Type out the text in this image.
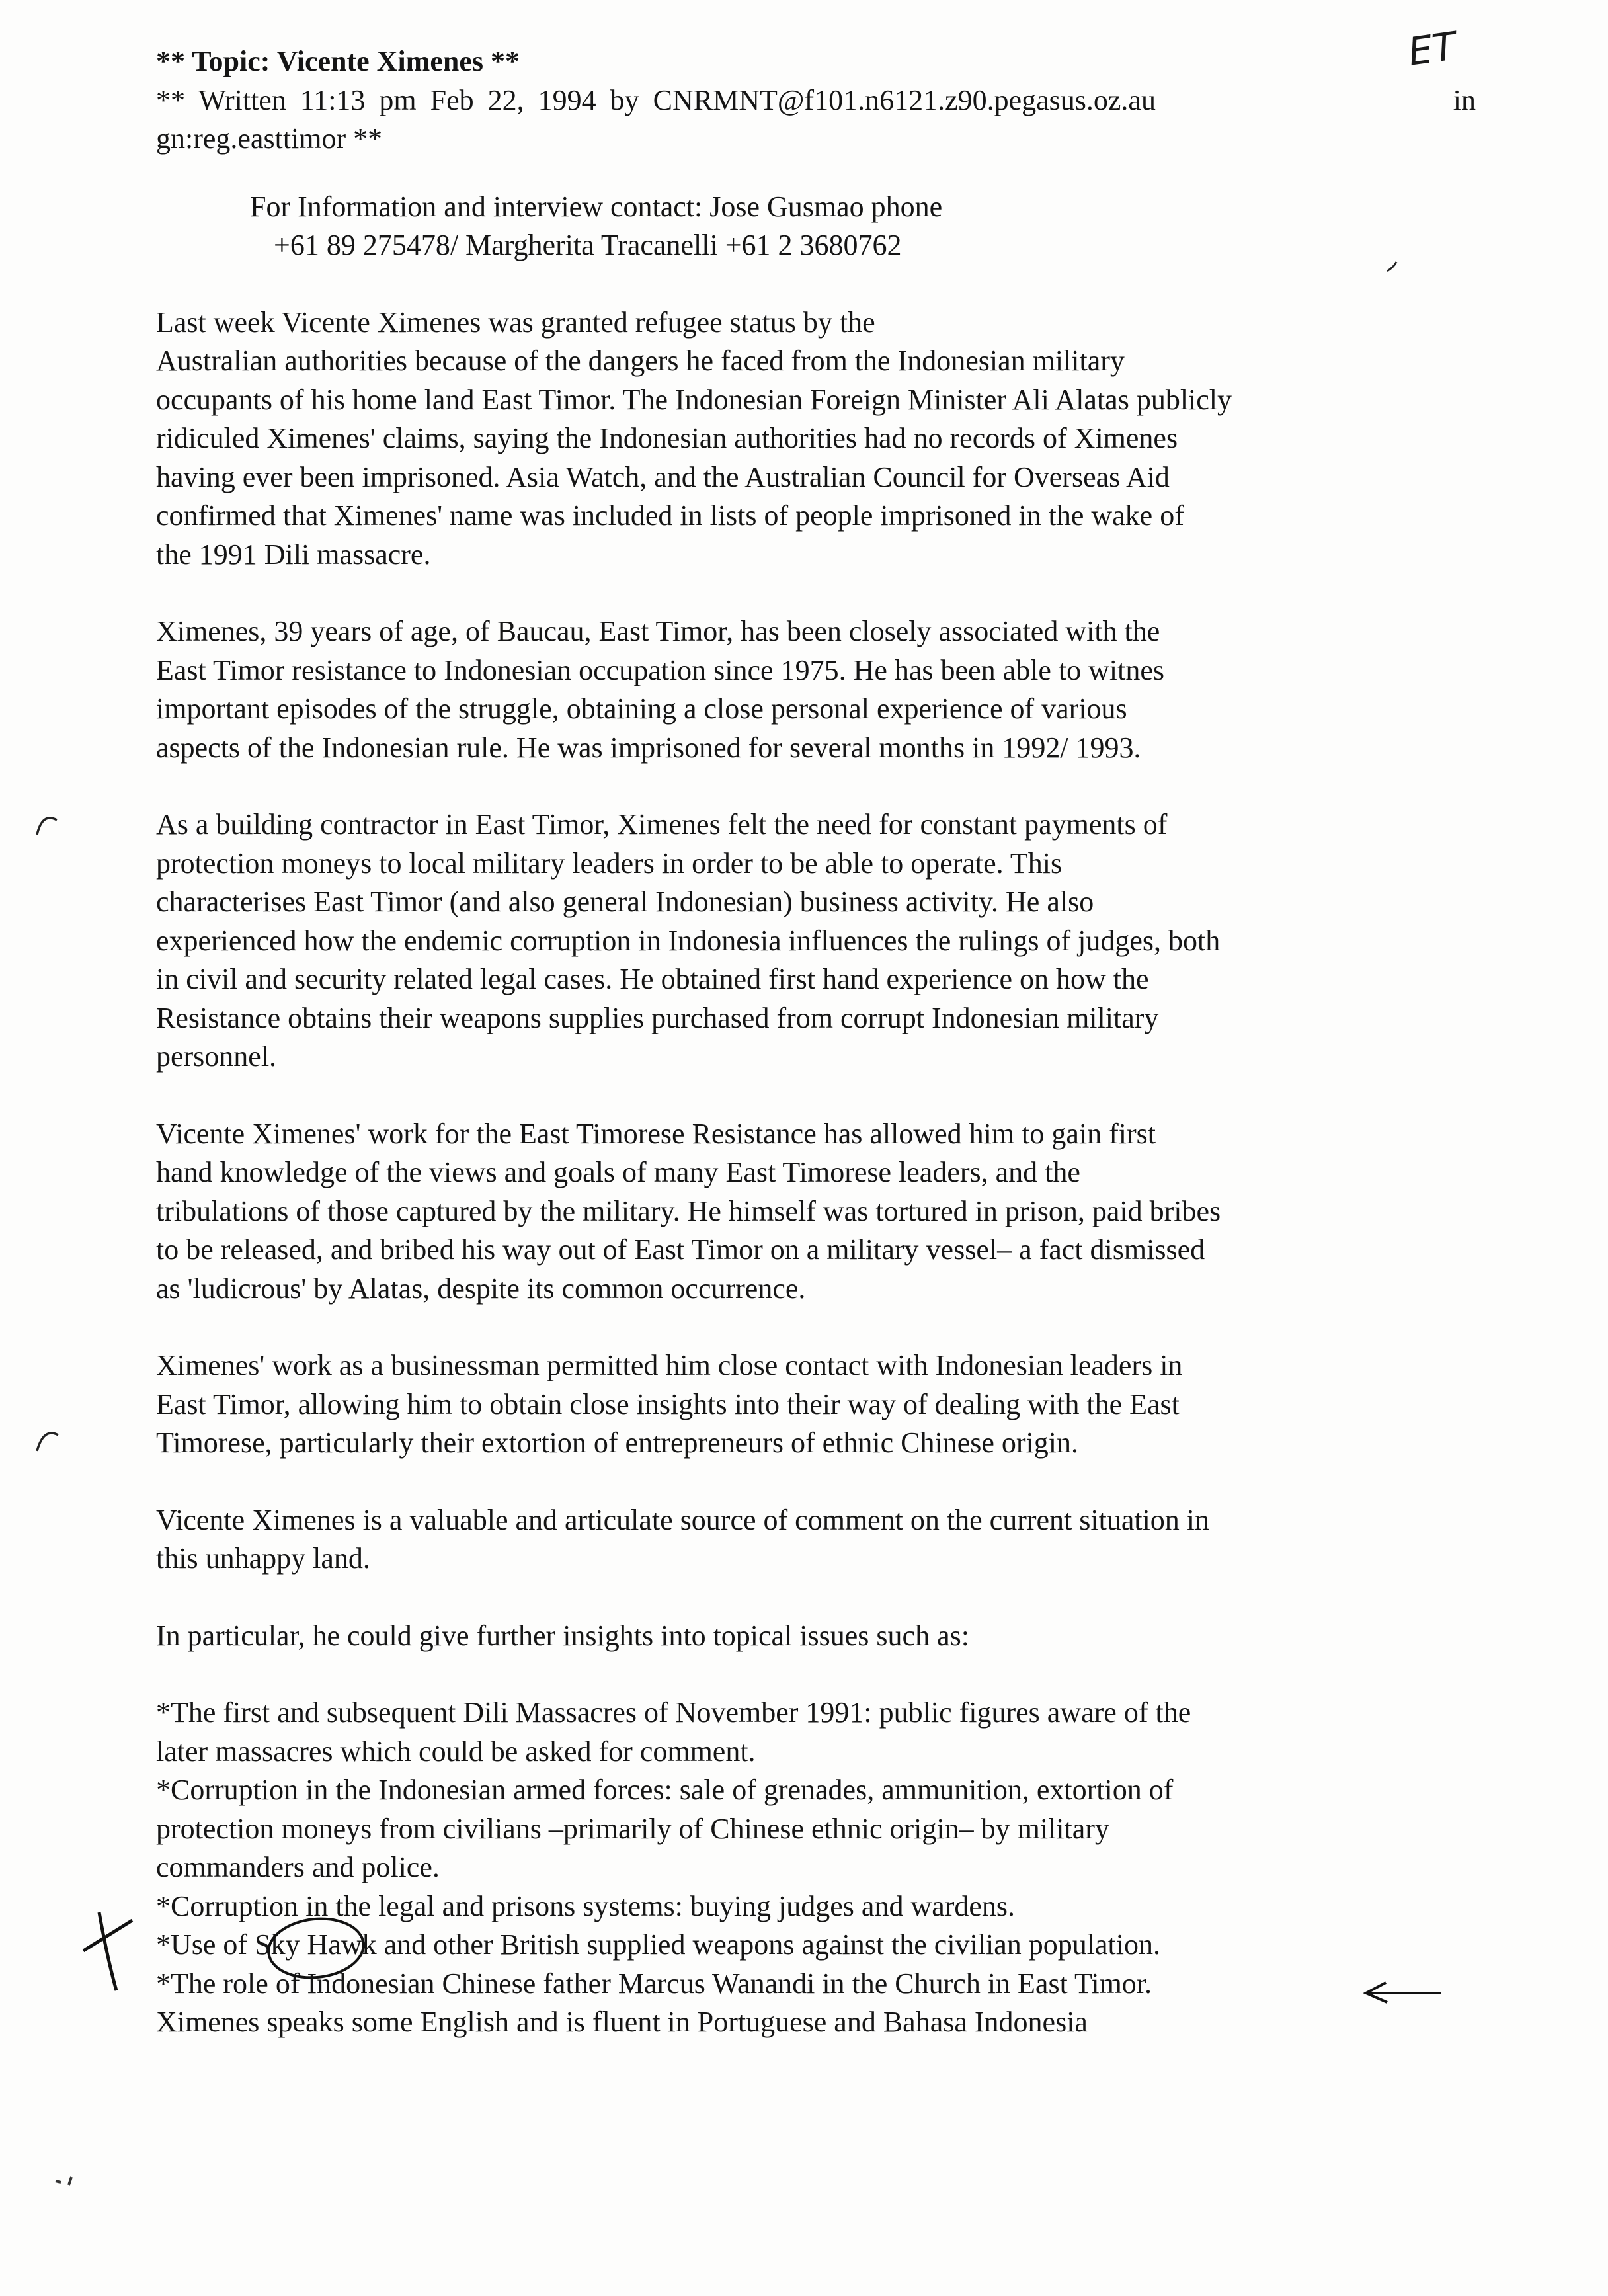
ET
** Topic: Vicente Ximenes **
** Written 11:13 pm Feb 22, 1994 by CNRMNT@f101.n6121.z90.pegasus.oz.au	in
gn:reg.easttimor **
For Information and interview contact: Jose Gusmao phone
+61 89 275478/ Margherita Tracanelli +61 2 3680762
Last week Vicente Ximenes was granted refugee status by the
Australian authorities because of the dangers he faced from the Indonesian military
occupants of his home land East Timor. The Indonesian Foreign Minister Ali Alatas publicly
ridiculed Ximenes' claims, saying the Indonesian authorities had no records of Ximenes
having ever been imprisoned. Asia Watch, and the Australian Council for Overseas Aid
confirmed that Ximenes' name was included in lists of people imprisoned in the wake of
the 1991 Dili massacre.
Ximenes, 39 years of age, of Baucau, East Timor, has been closely associated with the
East Timor resistance to Indonesian occupation since 1975. He has been able to witnes
important episodes of the struggle, obtaining a close personal experience of various
aspects of the Indonesian rule. He was imprisoned for several months in 1992/ 1993.
As a building contractor in East Timor, Ximenes felt the need for constant payments of
protection moneys to local military leaders in order to be able to operate. This
characterises East Timor (and also general Indonesian) business activity. He also
experienced how the endemic corruption in Indonesia influences the rulings of judges, both
in civil and security related legal cases. He obtained first hand experience on how the
Resistance obtains their weapons supplies purchased from corrupt Indonesian military
personnel.
Vicente Ximenes' work for the East Timorese Resistance has allowed him to gain first
hand knowledge of the views and goals of many East Timorese leaders, and the
tribulations of those captured by the military. He himself was tortured in prison, paid bribes
to be released, and bribed his way out of East Timor on a military vessel– a fact dismissed
as 'ludicrous' by Alatas, despite its common occurrence.
Ximenes' work as a businessman permitted him close contact with Indonesian leaders in
East Timor, allowing him to obtain close insights into their way of dealing with the East
Timorese, particularly their extortion of entrepreneurs of ethnic Chinese origin.
Vicente Ximenes is a valuable and articulate source of comment on the current situation in
this unhappy land.
In particular, he could give further insights into topical issues such as:
*The first and subsequent Dili Massacres of November 1991: public figures aware of the
later massacres which could be asked for comment.
*Corruption in the Indonesian armed forces: sale of grenades, ammunition, extortion of
protection moneys from civilians –primarily of Chinese ethnic origin– by military
commanders and police.
*Corruption in the legal and prisons systems: buying judges and wardens.
*Use of Sky Hawk and other British supplied weapons against the civilian population.
*The role of Indonesian Chinese father Marcus Wanandi in the Church in East Timor.
Ximenes speaks some English and is fluent in Portuguese and Bahasa Indonesia
